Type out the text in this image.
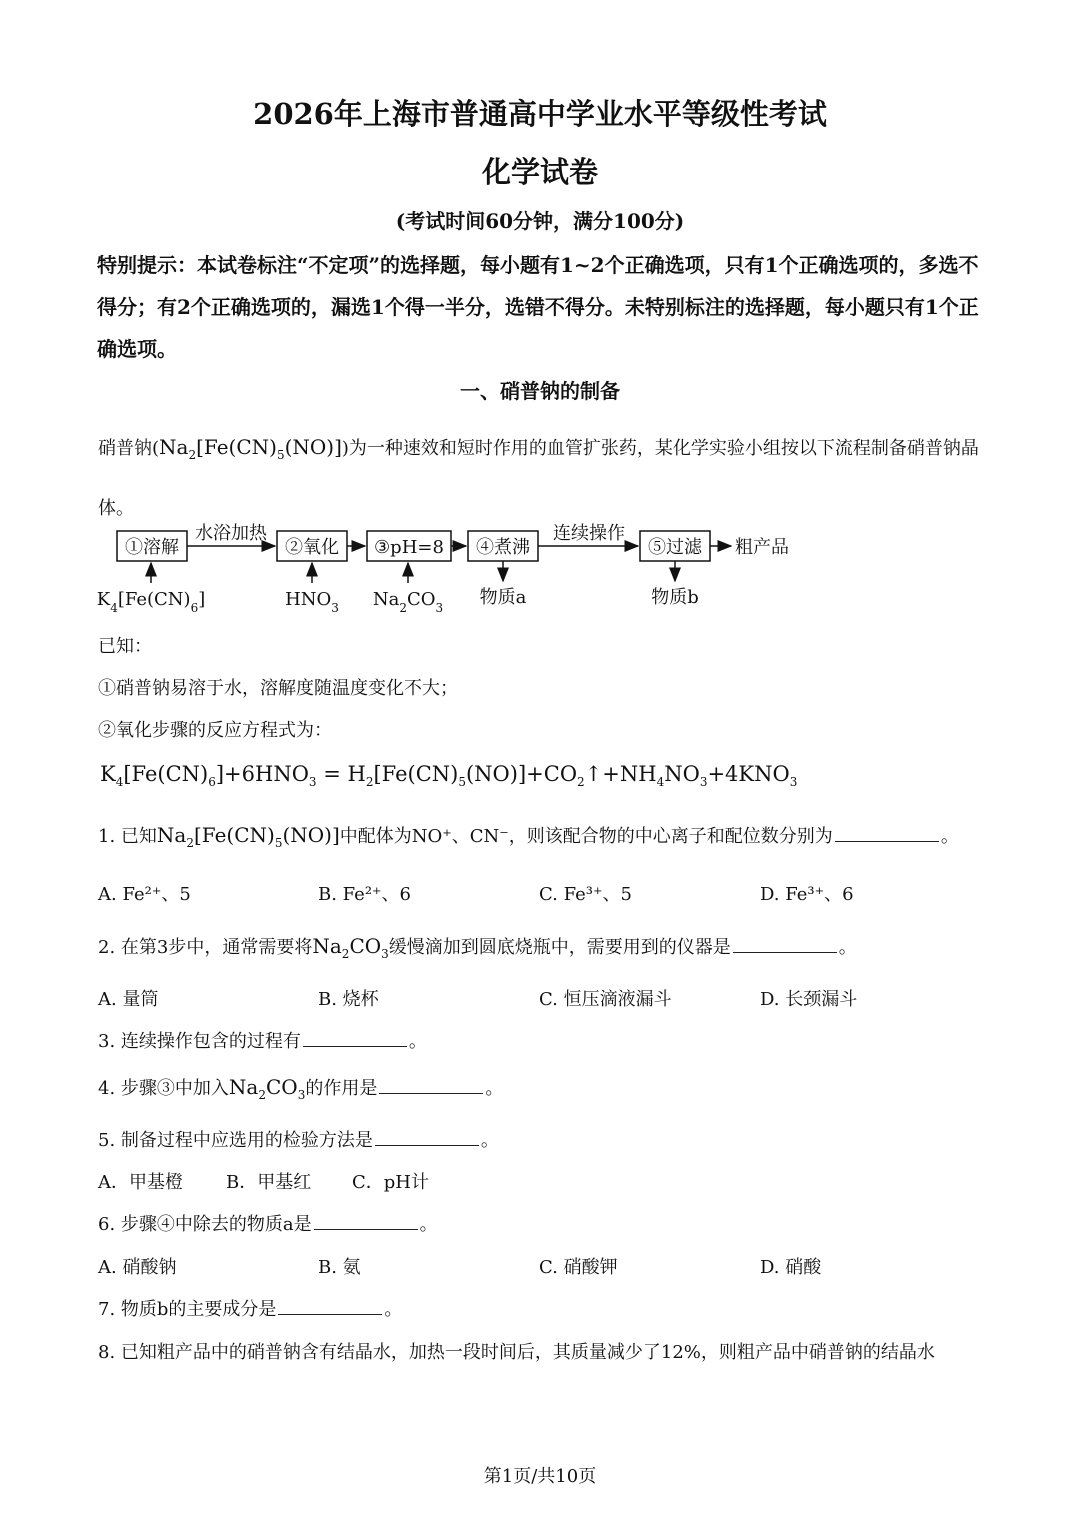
2026年上海市普通高中学业水平等级性考试
化学试卷
(考试时间60分钟，满分100分)
特别提示：本试卷标注“不定项”的选择题，每小题有1~2个正确选项，只有1个正确选项的，多选不得分；有2个正确选项的，漏选1个得一半分，选错不得分。未特别标注的选择题，每小题只有1个正确选项。
一、硝普钠的制备
硝普钠$(Na_2[Fe(CN)_5(NO)])$为一种速效和短时作用的血管扩张药，某化学实验小组按以下流程制备硝普钠晶体。
①溶解	②氧化 ③pH=8 ④煮沸	⑤过滤
水浴加热	连续操作
粗产品
$K_4[Fe(CN)_6]$	$HNO_3$ $Na_2CO_3$ 物质a	物质b
已知：
①硝普钠易溶于水，溶解度随温度变化不大；
②氧化步骤的反应方程式为：
$K_4[Fe(CN)_6]+6HNO_3$ = $H_2[Fe(CN)_5(NO)]+CO_2↑+NH_4NO_3+4KNO_3$
1. 已知$Na_2[Fe(CN)_5(NO)]$中配体为NO⁺、CN⁻，则该配合物的中心离子和配位数分别为	。
A. Fe²⁺、5	B. Fe²⁺、6	C. Fe³⁺、5	D. Fe³⁺、6
2. 在第3步中，通常需要将$Na_2CO_3$缓慢滴加到圆底烧瓶中，需要用到的仪器是	。
A. 量筒	B. 烧杯	C. 恒压滴液漏斗	D. 长颈漏斗
3. 连续操作包含的过程有	。
4. 步骤③中加入$Na_2CO_3$的作用是	。
5. 制备过程中应选用的检验方法是	。
A．甲基橙 B．甲基红 C．pH计
6. 步骤④中除去的物质a是	。
A. 硝酸钠	B. 氨	C. 硝酸钾	D. 硝酸
7. 物质b的主要成分是	。
8. 已知粗产品中的硝普钠含有结晶水，加热一段时间后，其质量减少了12%，则粗产品中硝普钠的结晶水
第1页/共10页
